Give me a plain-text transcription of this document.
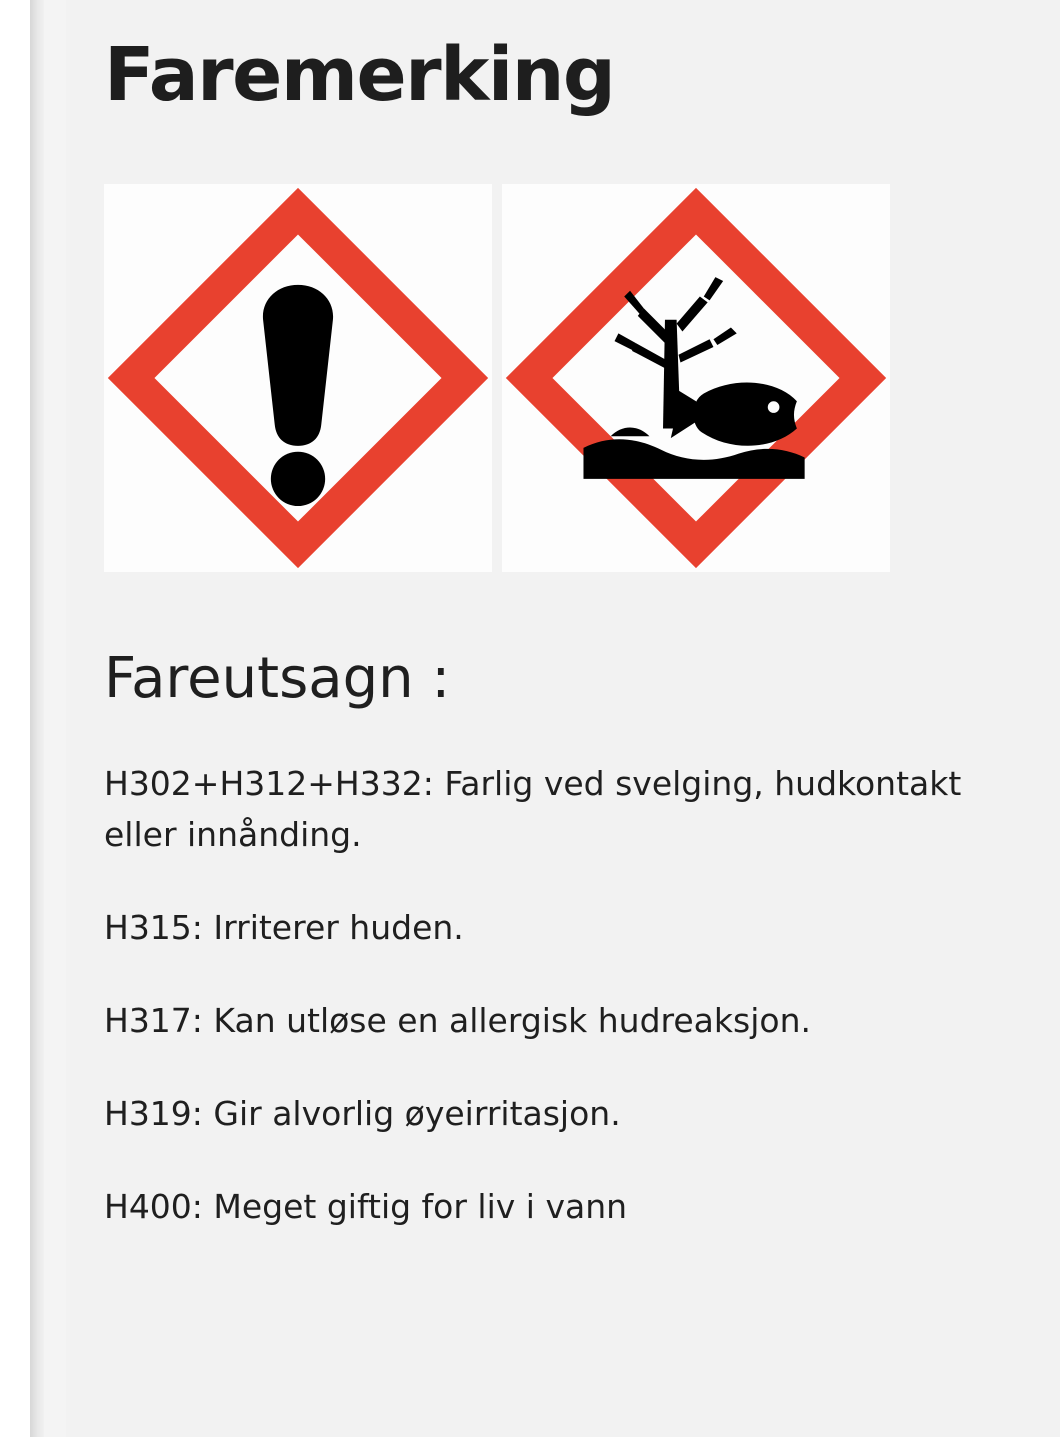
Faremerking
Fareutsagn :

H302+H312+H332: Farlig ved svelging, hudkontakt eller innånding.

H315: Irriterer huden.

H317: Kan utløse en allergisk hudreaksjon.

H319: Gir alvorlig øyeirritasjon.

H400: Meget giftig for liv i vann
